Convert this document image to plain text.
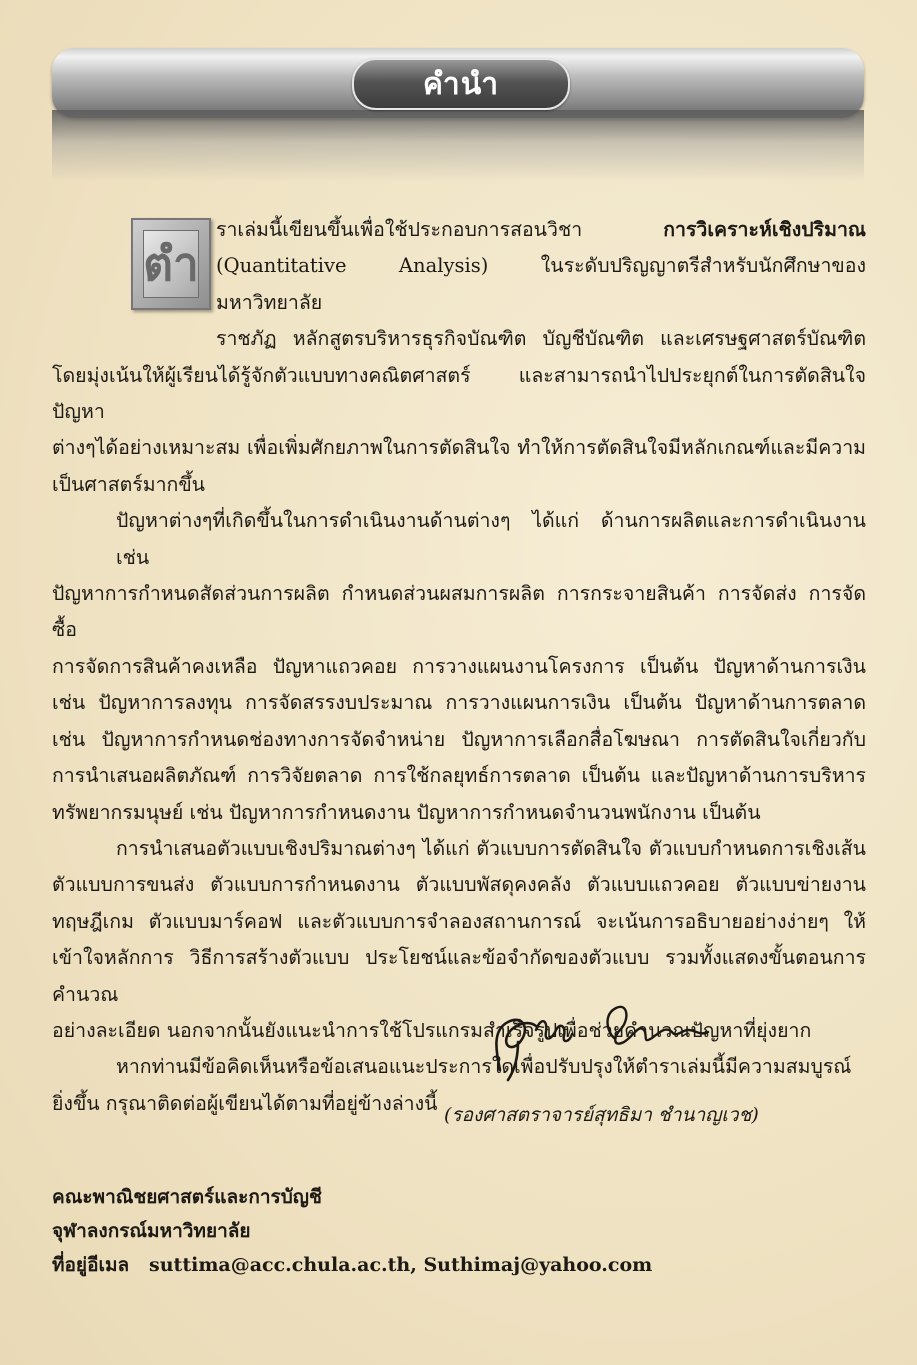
คำนำ
ตำ
ราเล่มนี้เขียนขึ้นเพื่อใช้ประกอบการสอนวิชา การวิเคราะห์เชิงปริมาณ
(Quantitative Analysis) ในระดับปริญญาตรีสำหรับนักศึกษาของมหาวิทยาลัย
ราชภัฏ หลักสูตรบริหารธุรกิจบัณฑิต บัญชีบัณฑิต และเศรษฐศาสตร์บัณฑิต
โดยมุ่งเน้นให้ผู้เรียนได้รู้จักตัวแบบทางคณิตศาสตร์ และสามารถนำไปประยุกต์ในการตัดสินใจปัญหา
ต่างๆได้อย่างเหมาะสม เพื่อเพิ่มศักยภาพในการตัดสินใจ ทำให้การตัดสินใจมีหลักเกณฑ์และมีความ
เป็นศาสตร์มากขึ้น
ปัญหาต่างๆที่เกิดขึ้นในการดำเนินงานด้านต่างๆ ได้แก่ ด้านการผลิตและการดำเนินงาน เช่น
ปัญหาการกำหนดสัดส่วนการผลิต กำหนดส่วนผสมการผลิต การกระจายสินค้า การจัดส่ง การจัดซื้อ
การจัดการสินค้าคงเหลือ ปัญหาแถวคอย การวางแผนงานโครงการ เป็นต้น ปัญหาด้านการเงิน
เช่น ปัญหาการลงทุน การจัดสรรงบประมาณ การวางแผนการเงิน เป็นต้น ปัญหาด้านการตลาด
เช่น ปัญหาการกำหนดช่องทางการจัดจำหน่าย ปัญหาการเลือกสื่อโฆษณา การตัดสินใจเกี่ยวกับ
การนำเสนอผลิตภัณฑ์ การวิจัยตลาด การใช้กลยุทธ์การตลาด เป็นต้น และปัญหาด้านการบริหาร
ทรัพยากรมนุษย์ เช่น ปัญหาการกำหนดงาน ปัญหาการกำหนดจำนวนพนักงาน เป็นต้น
การนำเสนอตัวแบบเชิงปริมาณต่างๆ ได้แก่ ตัวแบบการตัดสินใจ ตัวแบบกำหนดการเชิงเส้น
ตัวแบบการขนส่ง ตัวแบบการกำหนดงาน ตัวแบบพัสดุคงคลัง ตัวแบบแถวคอย ตัวแบบข่ายงาน
ทฤษฎีเกม ตัวแบบมาร์คอฟ และตัวแบบการจำลองสถานการณ์ จะเน้นการอธิบายอย่างง่ายๆ ให้
เข้าใจหลักการ วิธีการสร้างตัวแบบ ประโยชน์และข้อจำกัดของตัวแบบ รวมทั้งแสดงขั้นตอนการคำนวณ
อย่างละเอียด นอกจากนั้นยังแนะนำการใช้โปรแกรมสำเร็จรูปเพื่อช่วยคำนวณปัญหาที่ยุ่งยาก
หากท่านมีข้อคิดเห็นหรือข้อเสนอแนะประการใดเพื่อปรับปรุงให้ตำราเล่มนี้มีความสมบูรณ์
ยิ่งขึ้น กรุณาติดต่อผู้เขียนได้ตามที่อยู่ข้างล่างนี้
(รองศาสตราจารย์สุทธิมา ชำนาญเวช)
คณะพาณิชยศาสตร์และการบัญชี
จุฬาลงกรณ์มหาวิทยาลัย
ที่อยู่อีเมล suttima@acc.chula.ac.th, Suthimaj@yahoo.com
